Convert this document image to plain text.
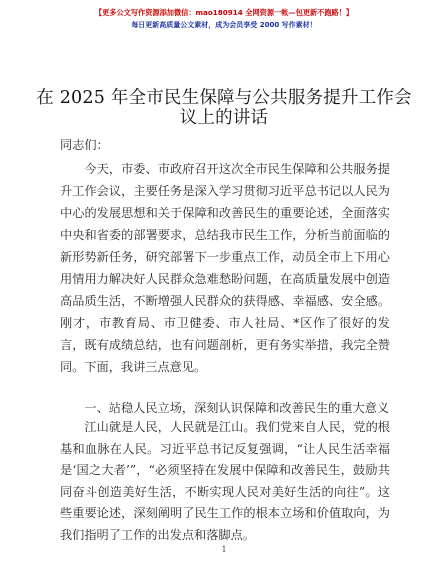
【更多公文写作资源添加微信：mao180914 全网资源一帐—包更新不跑路！】
每日更新高质量公文素材，成为会员享受 2000 写作素材！
在 2025 年全市民生保障与公共服务提升工作会议上的讲话

同志们：

今天，市委、市政府召开这次全市民生保障和公共服务提升工作会议，主要任务是深入学习贯彻习近平总书记以人民为中心的发展思想和关于保障和改善民生的重要论述，全面落实中央和省委的部署要求，总结我市民生工作，分析当前面临的新形势新任务，研究部署下一步重点工作，动员全市上下用心用情用力解决好人民群众急难愁盼问题，在高质量发展中创造高品质生活，不断增强人民群众的获得感、幸福感、安全感。刚才，市教育局、市卫健委、市人社局、*区作了很好的发言，既有成绩总结，也有问题剖析，更有务实举措，我完全赞同。下面，我讲三点意见。

一、站稳人民立场，深刻认识保障和改善民生的重大意义

江山就是人民，人民就是江山。我们党来自人民，党的根基和血脉在人民。习近平总书记反复强调，“让人民生活幸福是‘国之大者’”，“必须坚持在发展中保障和改善民生，鼓励共同奋斗创造美好生活，不断实现人民对美好生活的向往”。这些重要论述，深刻阐明了民生工作的根本立场和价值取向，为我们指明了工作的出发点和落脚点。

1
